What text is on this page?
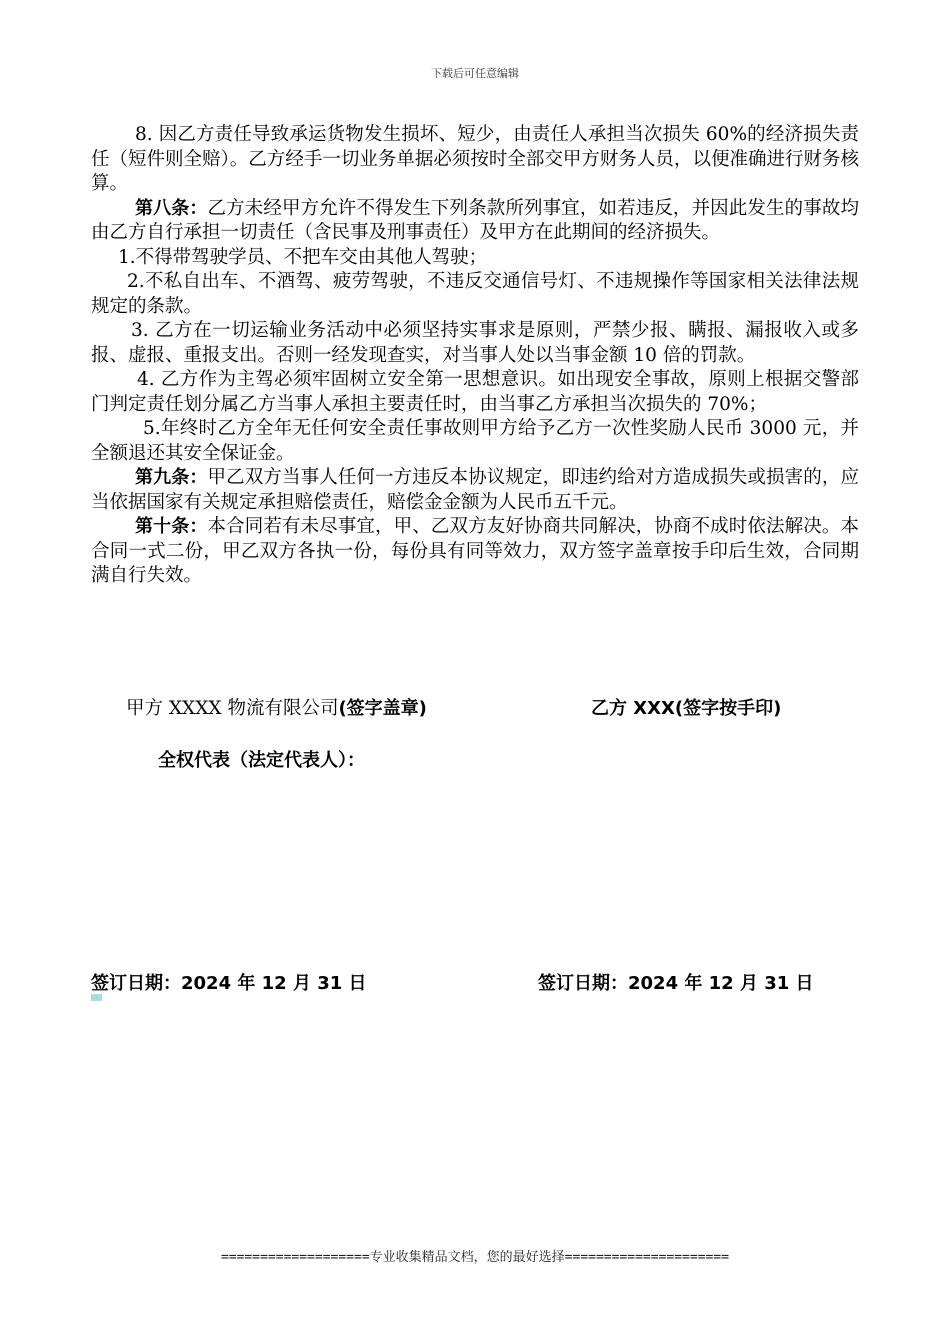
下载后可任意编辑

8. 因乙方责任导致承运货物发生损坏、短少，由责任人承担当次损失 60%的经济损失责任（短件则全赔）。乙方经手一切业务单据必须按时全部交甲方财务人员，以便准确进行财务核算。

第八条：乙方未经甲方允许不得发生下列条款所列事宜，如若违反，并因此发生的事故均由乙方自行承担一切责任（含民事及刑事责任）及甲方在此期间的经济损失。

1.不得带驾驶学员、不把车交由其他人驾驶；

2.不私自出车、不酒驾、疲劳驾驶，不违反交通信号灯、不违规操作等国家相关法律法规规定的条款。

3. 乙方在一切运输业务活动中必须坚持实事求是原则，严禁少报、瞒报、漏报收入或多报、虚报、重报支出。否则一经发现查实，对当事人处以当事金额 10 倍的罚款。

4. 乙方作为主驾必须牢固树立安全第一思想意识。如出现安全事故，原则上根据交警部门判定责任划分属乙方当事人承担主要责任时，由当事乙方承担当次损失的 70%；

5.年终时乙方全年无任何安全责任事故则甲方给予乙方一次性奖励人民币 3000 元，并全额退还其安全保证金。

第九条：甲乙双方当事人任何一方违反本协议规定，即违约给对方造成损失或损害的，应当依据国家有关规定承担赔偿责任，赔偿金金额为人民币五千元。

第十条：本合同若有未尽事宜，甲、乙双方友好协商共同解决，协商不成时依法解决。本合同一式二份，甲乙双方各执一份，每份具有同等效力，双方签字盖章按手印后生效，合同期满自行失效。

甲方 XXXX 物流有限公司(签字盖章)	乙方 XXX(签字按手印)
全权代表（法定代表人）：
签订日期：2024 年 12 月 31 日	签订日期：2024 年 12 月 31 日
===================专业收集精品文档，您的最好选择=====================
